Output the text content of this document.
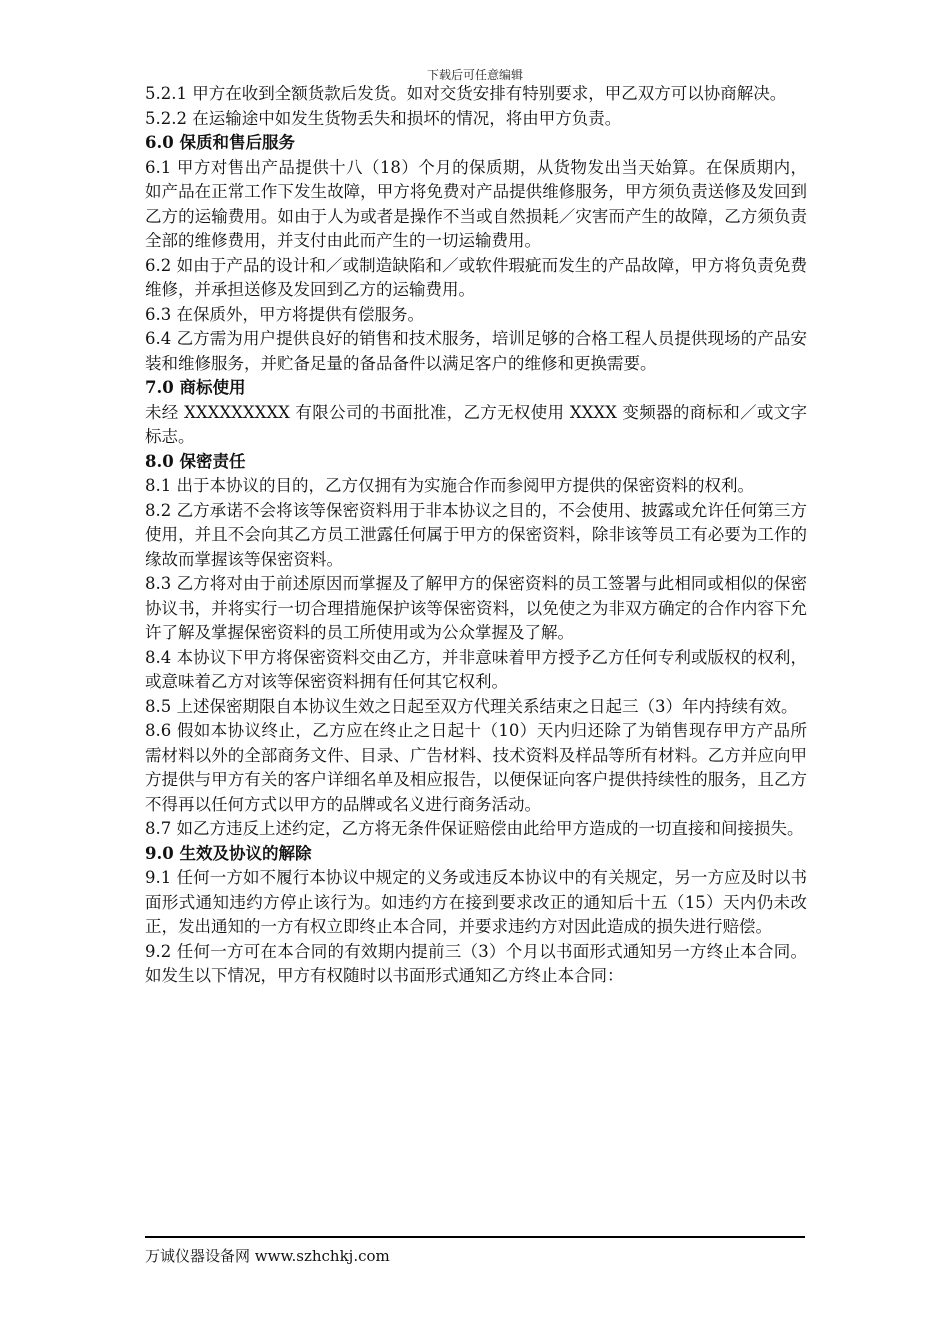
下载后可任意编辑

5.2.1 甲方在收到全额货款后发货。如对交货安排有特别要求，甲乙双方可以协商解决。

5.2.2 在运输途中如发生货物丢失和损坏的情况，将由甲方负责。

6.0 保质和售后服务

6.1 甲方对售出产品提供十八（18）个月的保质期，从货物发出当天始算。在保质期内，如产品在正常工作下发生故障，甲方将免费对产品提供维修服务，甲方须负责送修及发回到乙方的运输费用。如由于人为或者是操作不当或自然损耗／灾害而产生的故障，乙方须负责全部的维修费用，并支付由此而产生的一切运输费用。

6.2 如由于产品的设计和／或制造缺陷和／或软件瑕疵而发生的产品故障，甲方将负责免费维修，并承担送修及发回到乙方的运输费用。

6.3 在保质外，甲方将提供有偿服务。

6.4 乙方需为用户提供良好的销售和技术服务，培训足够的合格工程人员提供现场的产品安装和维修服务，并贮备足量的备品备件以满足客户的维修和更换需要。

7.0 商标使用

未经 XXXXXXXXX 有限公司的书面批准，乙方无权使用 XXXX 变频器的商标和／或文字标志。

8.0 保密责任

8.1 出于本协议的目的，乙方仅拥有为实施合作而参阅甲方提供的保密资料的权利。

8.2 乙方承诺不会将该等保密资料用于非本协议之目的，不会使用、披露或允许任何第三方使用，并且不会向其乙方员工泄露任何属于甲方的保密资料，除非该等员工有必要为工作的缘故而掌握该等保密资料。

8.3 乙方将对由于前述原因而掌握及了解甲方的保密资料的员工签署与此相同或相似的保密协议书，并将实行一切合理措施保护该等保密资料，以免使之为非双方确定的合作内容下允许了解及掌握保密资料的员工所使用或为公众掌握及了解。

8.4 本协议下甲方将保密资料交由乙方，并非意味着甲方授予乙方任何专利或版权的权利，或意味着乙方对该等保密资料拥有任何其它权利。

8.5 上述保密期限自本协议生效之日起至双方代理关系结束之日起三（3）年内持续有效。

8.6 假如本协议终止，乙方应在终止之日起十（10）天内归还除了为销售现存甲方产品所需材料以外的全部商务文件、目录、广告材料、技术资料及样品等所有材料。乙方并应向甲方提供与甲方有关的客户详细名单及相应报告，以便保证向客户提供持续性的服务，且乙方不得再以任何方式以甲方的品牌或名义进行商务活动。

8.7 如乙方违反上述约定，乙方将无条件保证赔偿由此给甲方造成的一切直接和间接损失。

9.0 生效及协议的解除

9.1 任何一方如不履行本协议中规定的义务或违反本协议中的有关规定，另一方应及时以书面形式通知违约方停止该行为。如违约方在接到要求改正的通知后十五（15）天内仍未改正，发出通知的一方有权立即终止本合同，并要求违约方对因此造成的损失进行赔偿。

9.2 任何一方可在本合同的有效期内提前三（3）个月以书面形式通知另一方终止本合同。如发生以下情况，甲方有权随时以书面形式通知乙方终止本合同：

万诚仪器设备网 www.szhchkj.com
